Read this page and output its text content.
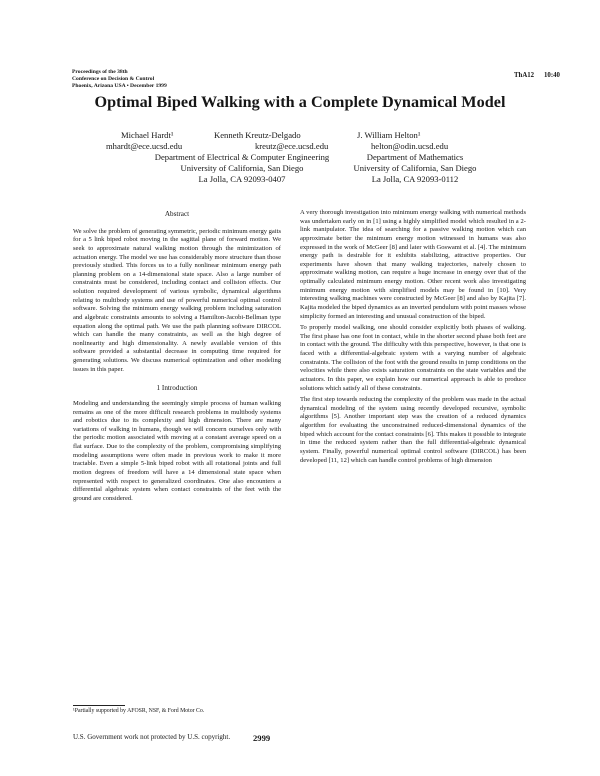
Proceedings of the 38th
Conference on Decision & Control
Phoenix, Arizona USA • December 1999
ThA12 10:40
Optimal Biped Walking with a Complete Dynamical Model
Michael Hardt¹
mhardt@ece.ucsd.edu
Kenneth Kreutz-Delgado
kreutz@ece.ucsd.edu
J. William Helton¹
helton@odin.ucsd.edu
Department of Electrical & Computer Engineering
University of California, San Diego
La Jolla, CA 92093-0407
Department of Mathematics
University of California, San Diego
La Jolla, CA 92093-0112
Abstract

We solve the problem of generating symmetric, periodic minimum energy gaits for a 5 link biped robot moving in the sagittal plane of forward motion. We seek to approximate natural walking motion through the minimization of actuation energy. The model we use has considerably more structure than those previously studied. This forces us to a fully nonlinear minimum energy path planning problem on a 14-dimensional state space. Also a large number of constraints must be considered, including contact and collision effects. Our solution required development of various symbolic, dynamical algorithms relating to multibody systems and use of powerful numerical optimal control software. Solving the minimum energy walking problem including saturation and algebraic constraints amounts to solving a Hamilton-Jacobi-Bellman type equation along the optimal path. We use the path planning software DIRCOL which can handle the many constraints, as well as the high degree of nonlinearity and high dimensionality. A newly available version of this software provided a substantial decrease in computing time required for generating solutions. We discuss numerical optimization and other modeling issues in this paper.

1 Introduction

Modeling and understanding the seemingly simple process of human walking remains as one of the more difficult research problems in multibody systems and robotics due to its complexity and high dimension. There are many variations of walking in humans, though we will concern ourselves only with the periodic motion associated with moving at a constant average speed on a flat surface. Due to the complexity of the problem, compromising simplifying modeling assumptions were often made in previous work to make it more tractable. Even a simple 5-link biped robot with all rotational joints and full motion degrees of freedom will have a 14 dimensional state space when represented with respect to generalized coordinates. One also encounters a differential algebraic system when contact constraints of the feet with the ground are considered.

A very thorough investigation into minimum energy walking with numerical methods was undertaken early on in [1] using a highly simplified model which resulted in a 2-link manipulator. The idea of searching for a passive walking motion which can approximate better the minimum energy motion witnessed in humans was also expressed in the work of McGeer [8] and later with Goswami et al. [4]. The minimum energy path is desirable for it exhibits stabilizing, attractive properties. Our experiments have shown that many walking trajectories, naively chosen to approximate walking motion, can require a huge increase in energy over that of the optimally calculated minimum energy motion. Other recent work also investigating minimum energy motion with simplified models may be found in [10]. Very interesting walking machines were constructed by McGeer [8] and also by Kajita [7]. Kajita modeled the biped dynamics as an inverted pendulum with point masses whose simplicity formed an interesting and unusual construction of the biped.

To properly model walking, one should consider explicitly both phases of walking. The first phase has one foot in contact, while in the shorter second phase both feet are in contact with the ground. The difficulty with this perspective, however, is that one is faced with a differential-algebraic system with a varying number of algebraic constraints. The collision of the foot with the ground results in jump conditions on the velocities while there also exists saturation constraints on the state variables and the actuators. In this paper, we explain how our numerical approach is able to produce solutions which satisfy all of these constraints.

The first step towards reducing the complexity of the problem was made in the actual dynamical modeling of the system using recently developed recursive, symbolic algorithms [5]. Another important step was the creation of a reduced dynamics algorithm for evaluating the unconstrained reduced-dimensional dynamics of the biped which account for the contact constraints [6]. This makes it possible to integrate in time the reduced system rather than the full differential-algebraic dynamical system. Finally, powerful numerical optimal control software (DIRCOL) has been developed [11, 12] which can handle control problems of high dimension

¹Partially supported by AFOSR, NSF, & Ford Motor Co.
U.S. Government work not protected by U.S. copyright.	2999
